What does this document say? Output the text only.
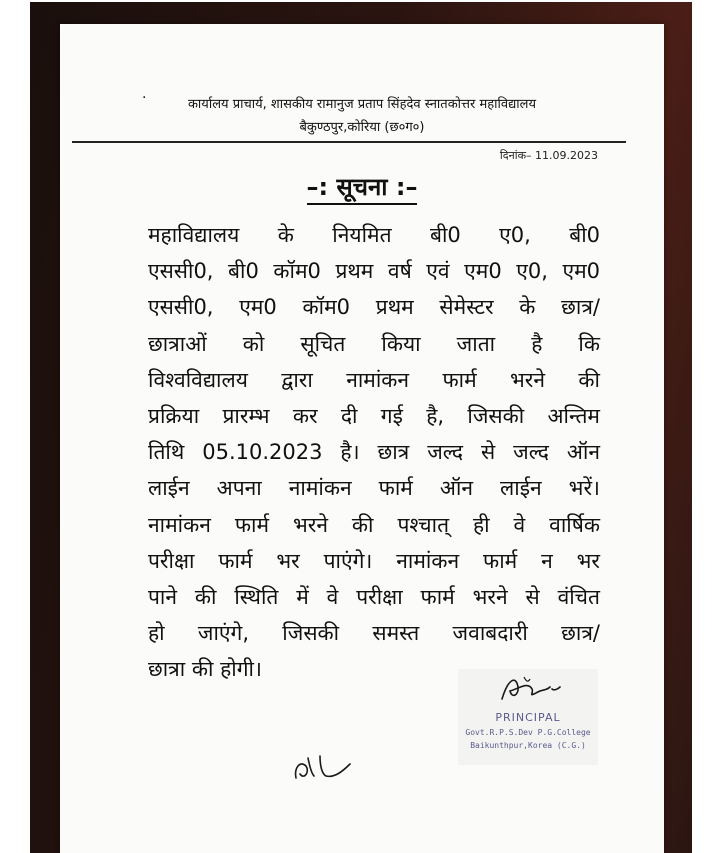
·	कार्यालय प्राचार्य, शासकीय रामानुज प्रताप सिंहदेव स्नातकोत्तर महाविद्यालय
बैकुण्ठपुर,कोरिया (छ०ग०)
दिनांक– 11.09.2023
–: सूचना :–
महाविद्यालय के नियमित बी0 ए0, बी0
एससी0, बी0 कॉम0 प्रथम वर्ष एवं एम0 ए0, एम0
एससी0, एम0 कॉम0 प्रथम सेमेस्टर के छात्र/
छात्राओं को सूचित किया जाता है कि
विश्वविद्यालय द्वारा नामांकन फार्म भरने की
प्रक्रिया प्रारम्भ कर दी गई है, जिसकी अन्तिम
तिथि 05.10.2023 है। छात्र जल्द से जल्द ऑन
लाईन अपना नामांकन फार्म ऑन लाईन भरें।
नामांकन फार्म भरने की पश्चात् ही वे वार्षिक
परीक्षा फार्म भर पाएंगे। नामांकन फार्म न भर
पाने की स्थिति में वे परीक्षा फार्म भरने से वंचित
हो जाएंगे, जिसकी समस्त जवाबदारी छात्र/
छात्रा की होगी।
PRINCIPAL
Govt.R.P.S.Dev P.G.College
Baikunthpur,Korea (C.G.)
